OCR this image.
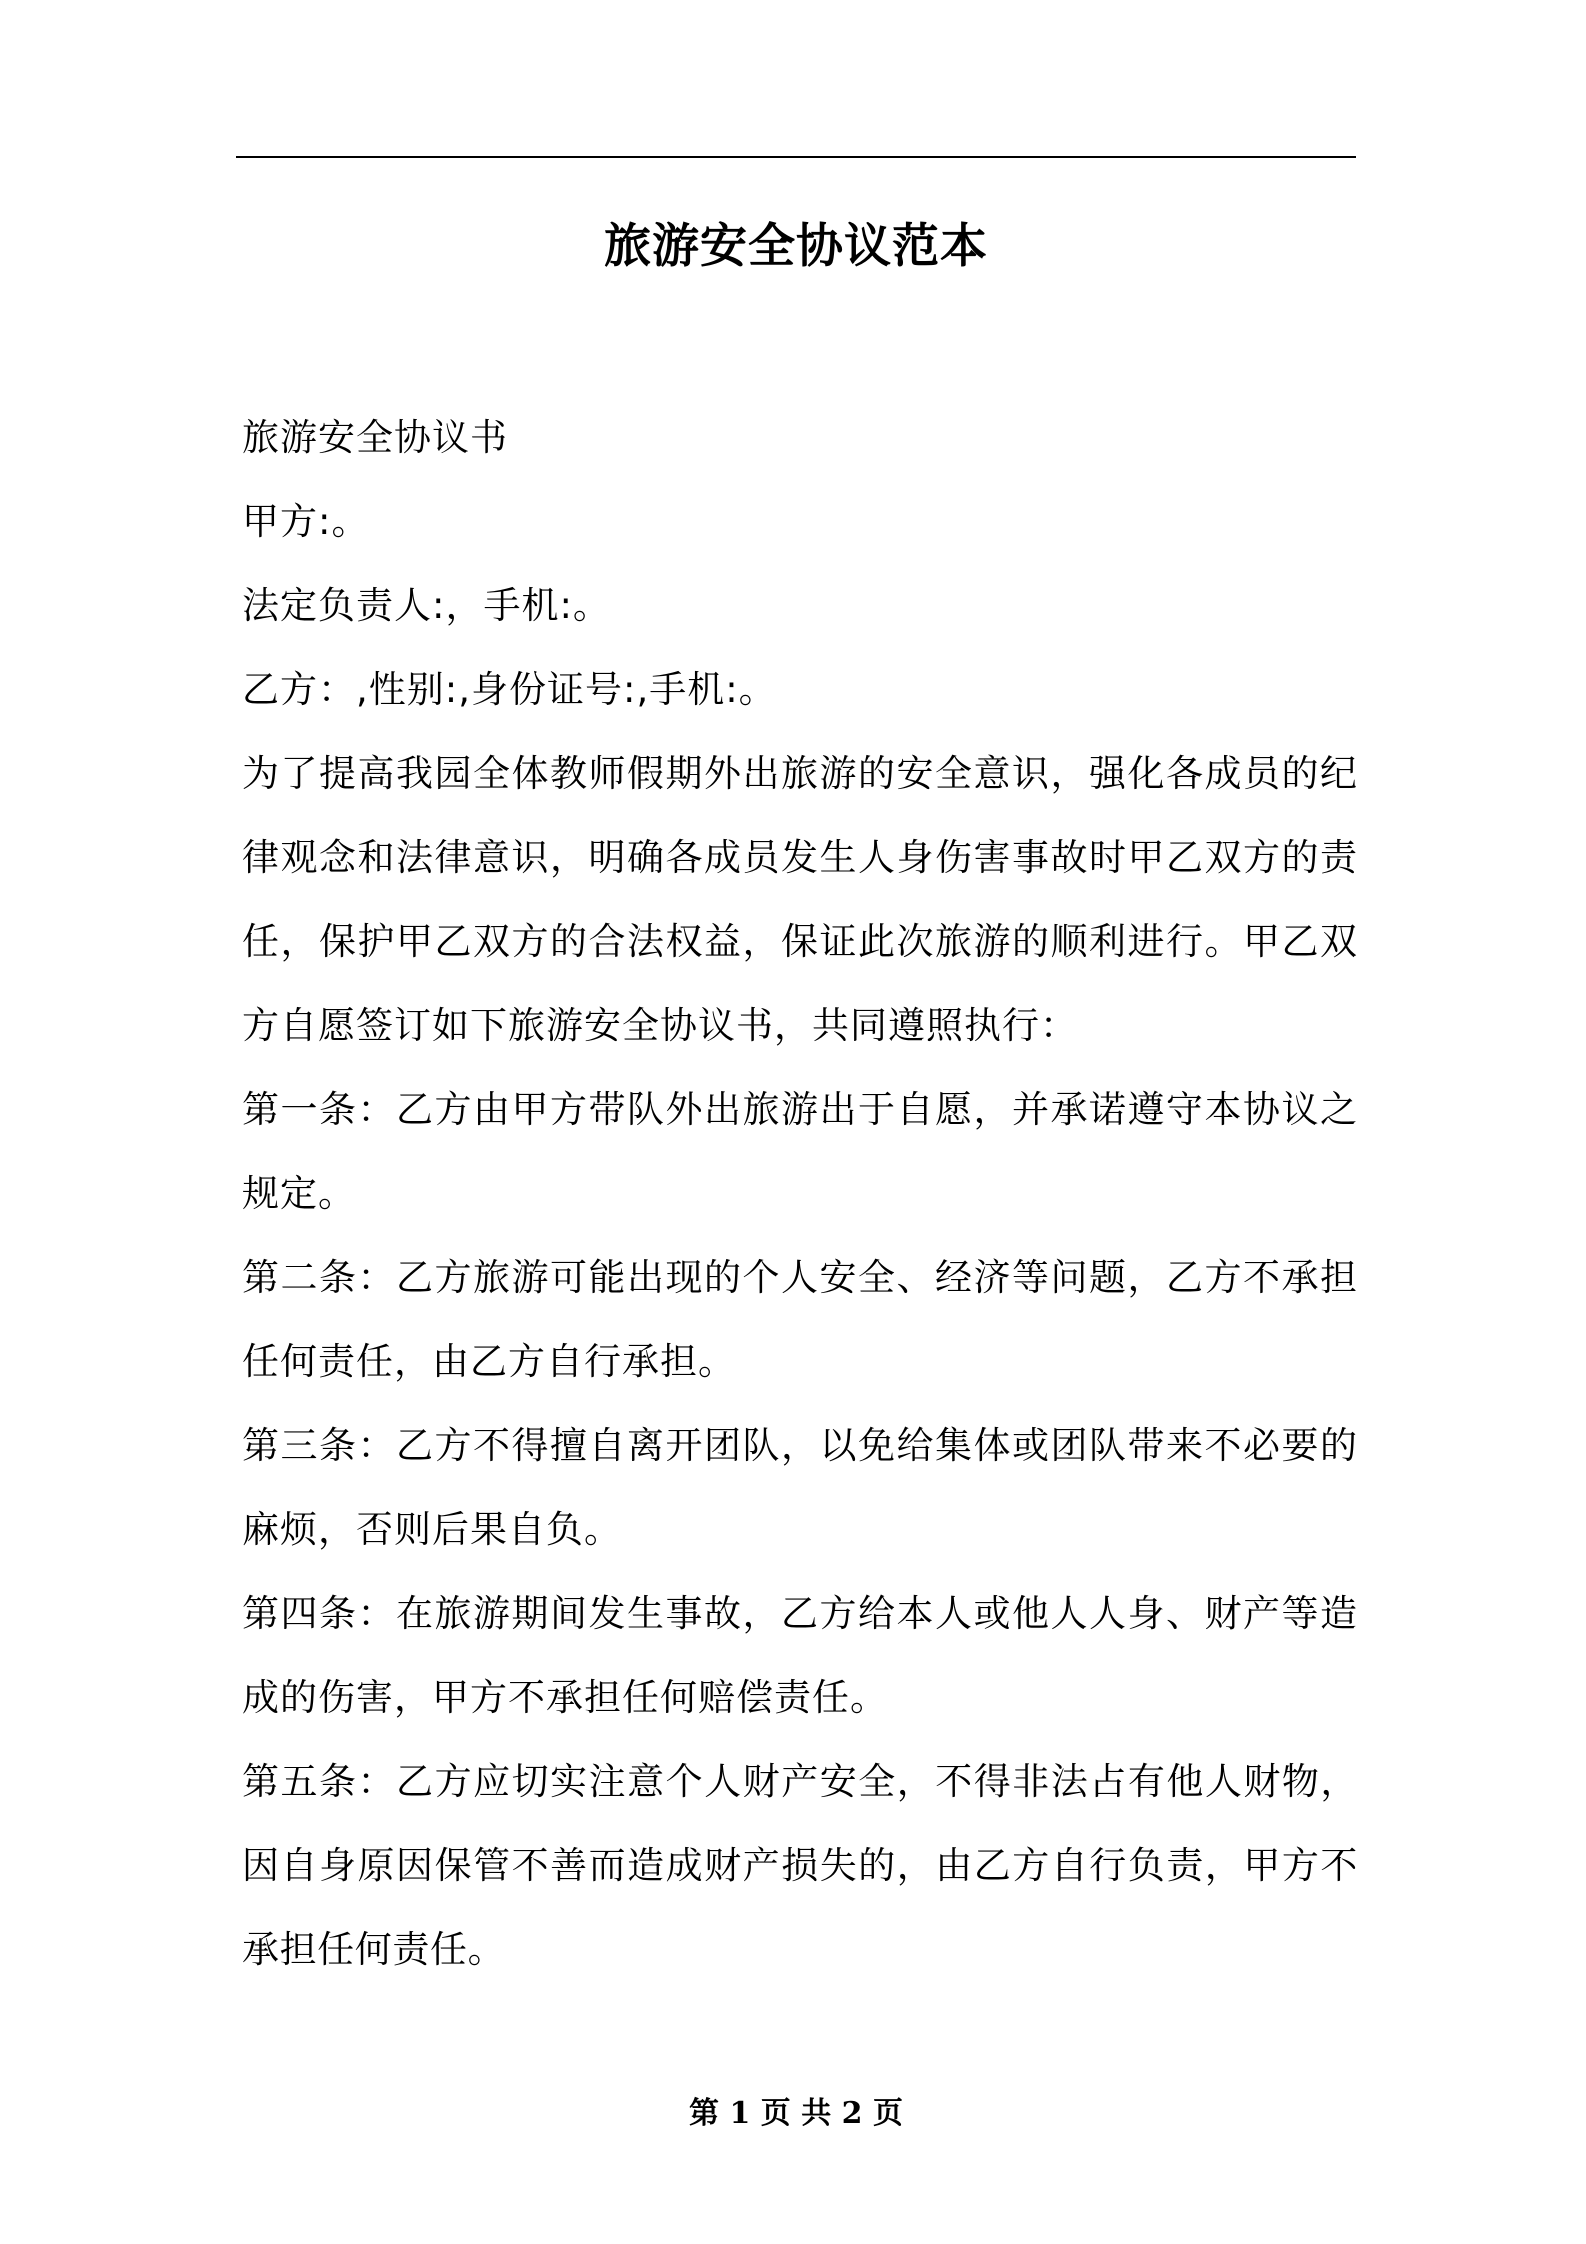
旅游安全协议范本

旅游安全协议书

甲方:。

法定负责人:，手机:。

乙方：,性别:,身份证号:,手机:。

为了提高我园全体教师假期外出旅游的安全意识，强化各成员的纪律观念和法律意识，明确各成员发生人身伤害事故时甲乙双方的责任，保护甲乙双方的合法权益，保证此次旅游的顺利进行。甲乙双方自愿签订如下旅游安全协议书，共同遵照执行：

第一条：乙方由甲方带队外出旅游出于自愿，并承诺遵守本协议之规定。

第二条：乙方旅游可能出现的个人安全、经济等问题，乙方不承担任何责任，由乙方自行承担。

第三条：乙方不得擅自离开团队，以免给集体或团队带来不必要的麻烦，否则后果自负。

第四条：在旅游期间发生事故，乙方给本人或他人人身、财产等造成的伤害，甲方不承担任何赔偿责任。

第五条：乙方应切实注意个人财产安全，不得非法占有他人财物，因自身原因保管不善而造成财产损失的，由乙方自行负责，甲方不承担任何责任。

第 1 页 共 2 页
